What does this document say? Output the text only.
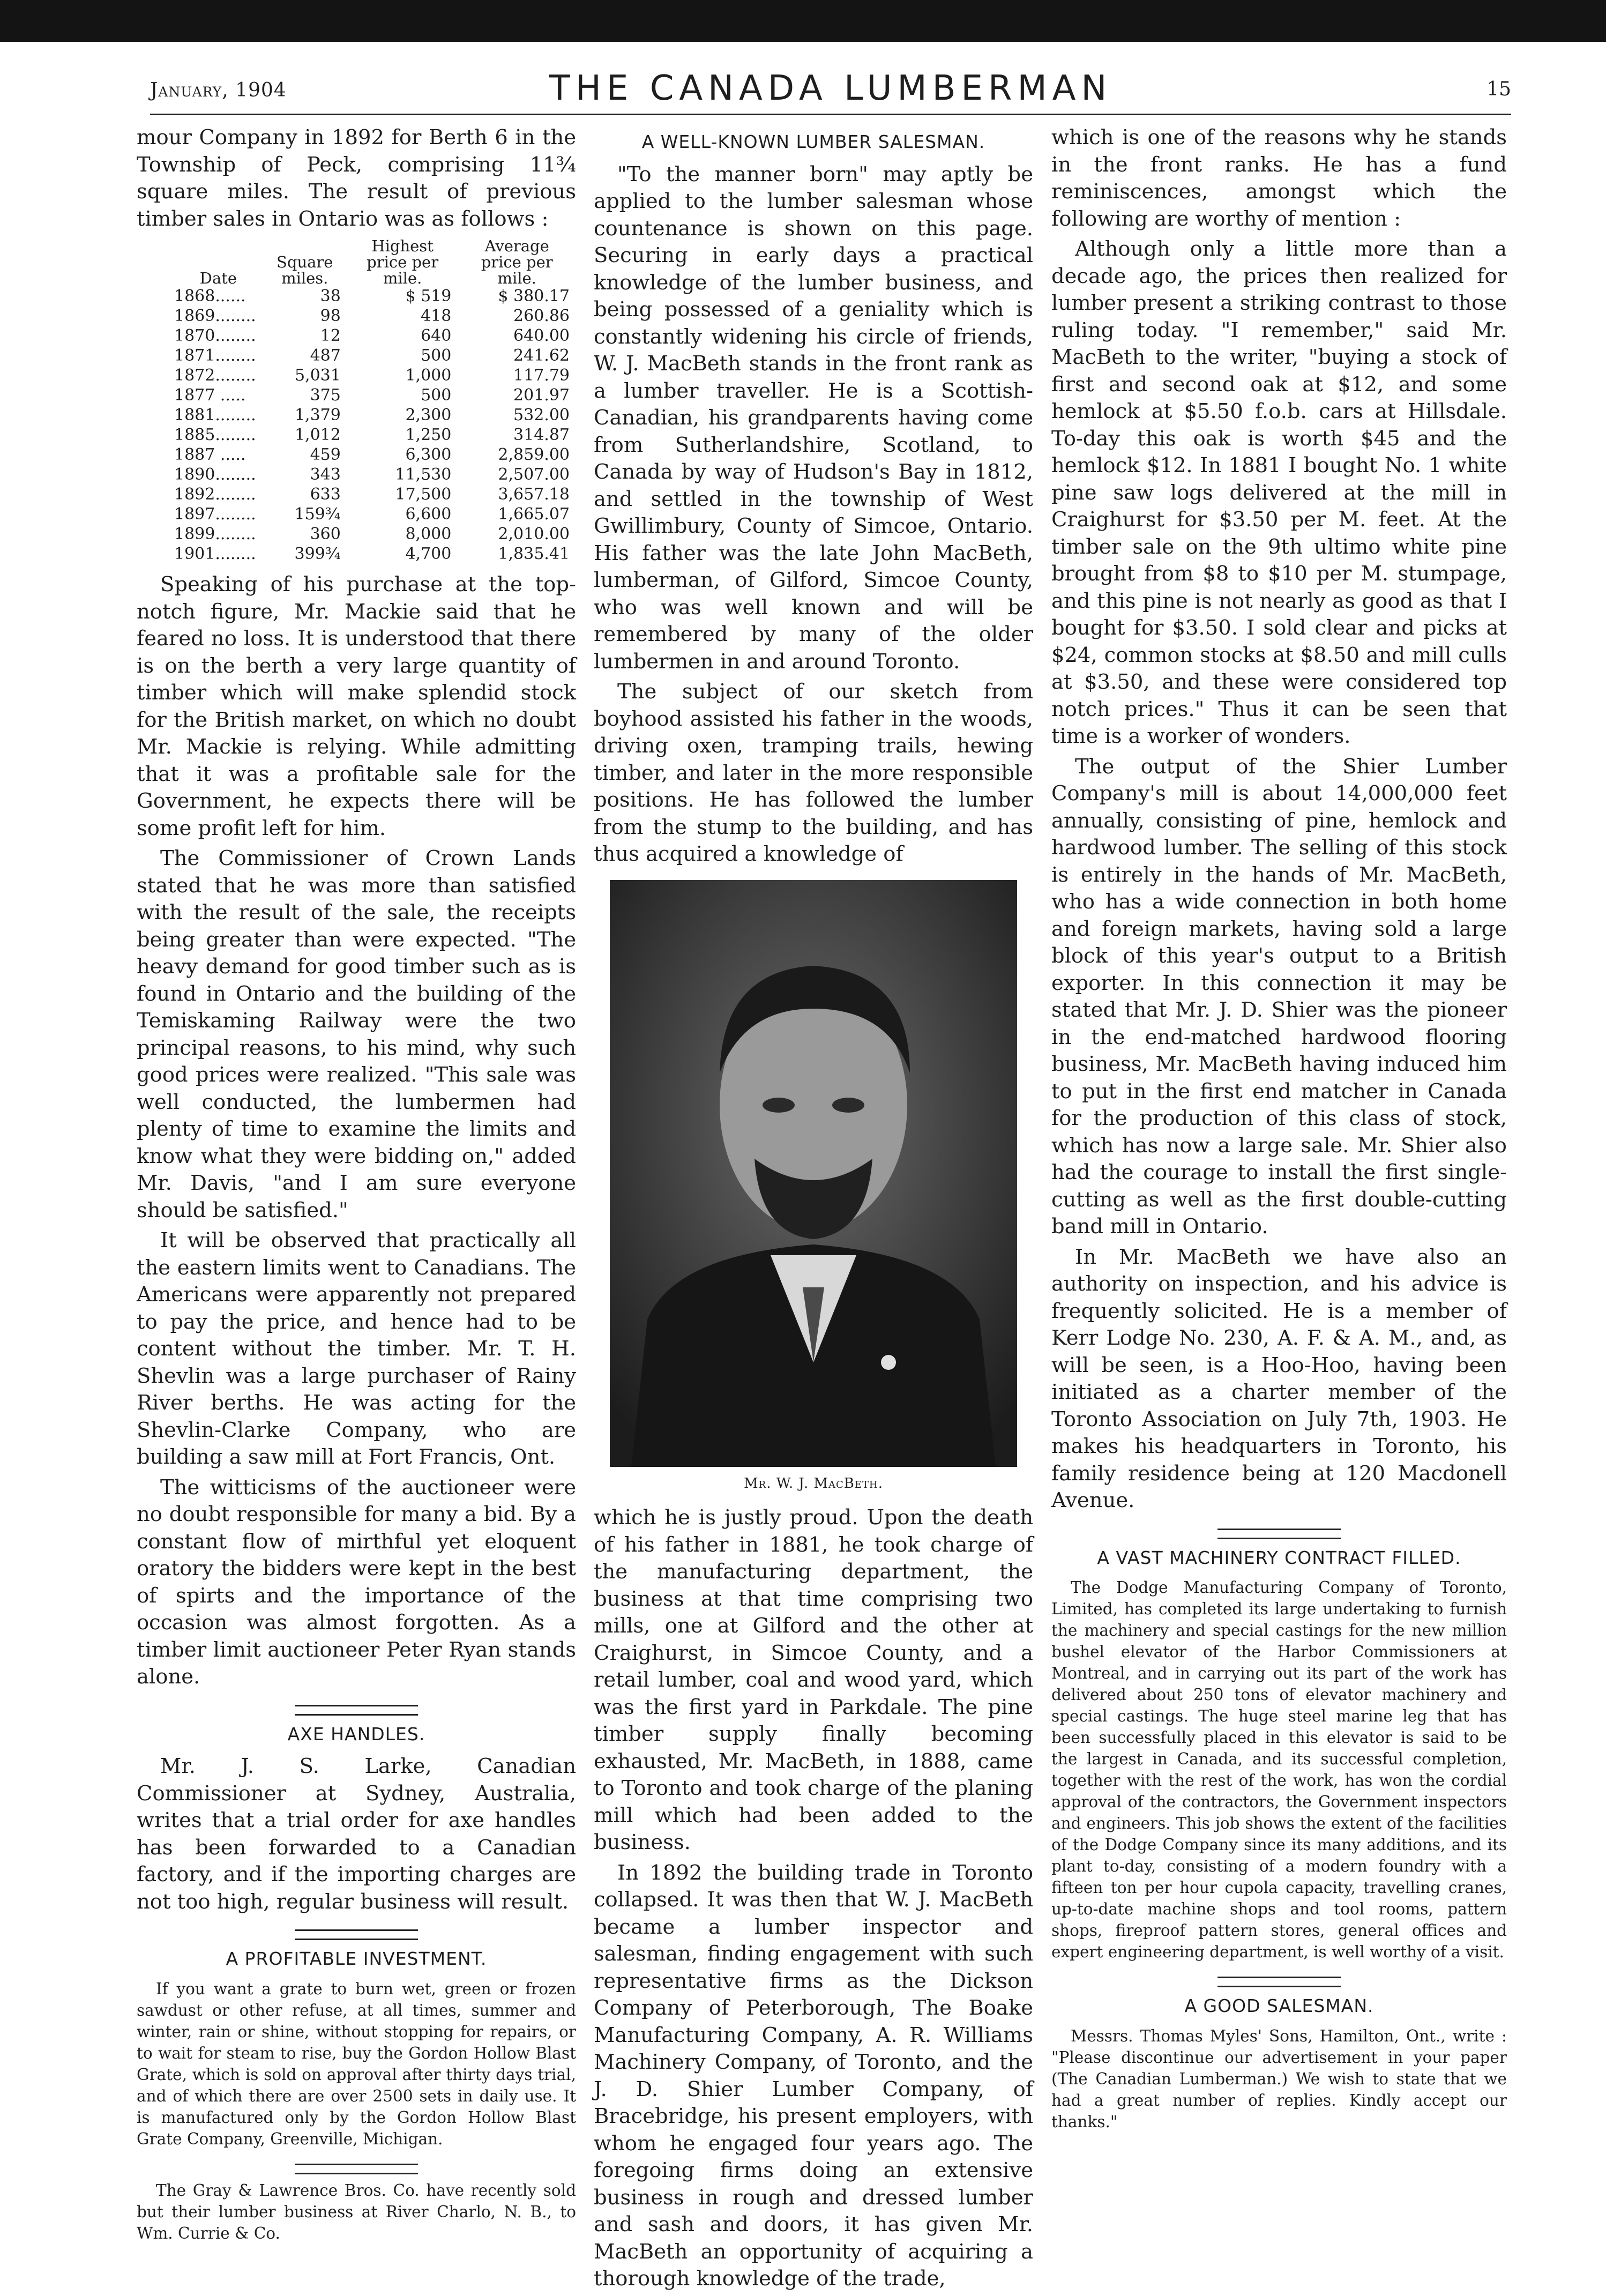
January, 1904	THE CANADA LUMBERMAN	15

mour Company in 1892 for Berth 6 in the Township of Peck, comprising 11¾ square miles. The result of previous timber sales in Ontario was as follows :

Date	Square miles.	Highest price per mile.	Average price per mile.
1868......	38	$ 519	$ 380.17
1869........	98	418	260.86
1870........	12	640	640.00
1871........	487	500	241.62
1872........	5,031	1,000	117.79
1877 .....	375	500	201.97
1881........	1,379	2,300	532.00
1885........	1,012	1,250	314.87
1887 .....	459	6,300	2,859.00
1890........	343	11,530	2,507.00
1892........	633	17,500	3,657.18
1897........	159¾	6,600	1,665.07
1899........	360	8,000	2,010.00
1901........	399¾	4,700	1,835.41

Speaking of his purchase at the top-notch figure, Mr. Mackie said that he feared no loss. It is understood that there is on the berth a very large quantity of timber which will make splendid stock for the British market, on which no doubt Mr. Mackie is relying. While admitting that it was a profitable sale for the Government, he expects there will be some profit left for him.

The Commissioner of Crown Lands stated that he was more than satisfied with the result of the sale, the receipts being greater than were expected. "The heavy demand for good timber such as is found in Ontario and the building of the Temiskaming Railway were the two principal reasons, to his mind, why such good prices were realized. "This sale was well conducted, the lumbermen had plenty of time to examine the limits and know what they were bidding on," added Mr. Davis, "and I am sure everyone should be satisfied."

It will be observed that practically all the eastern limits went to Canadians. The Americans were apparently not prepared to pay the price, and hence had to be content without the timber. Mr. T. H. Shevlin was a large purchaser of Rainy River berths. He was acting for the Shevlin-Clarke Company, who are building a saw mill at Fort Francis, Ont.

The witticisms of the auctioneer were no doubt responsible for many a bid. By a constant flow of mirthful yet eloquent oratory the bidders were kept in the best of spirts and the importance of the occasion was almost forgotten. As a timber limit auctioneer Peter Ryan stands alone.

AXE HANDLES.

Mr. J. S. Larke, Canadian Commissioner at Sydney, Australia, writes that a trial order for axe handles has been forwarded to a Canadian factory, and if the importing charges are not too high, regular business will result.

A PROFITABLE INVESTMENT.

If you want a grate to burn wet, green or frozen sawdust or other refuse, at all times, summer and winter, rain or shine, without stopping for repairs, or to wait for steam to rise, buy the Gordon Hollow Blast Grate, which is sold on approval after thirty days trial, and of which there are over 2500 sets in daily use. It is manufactured only by the Gordon Hollow Blast Grate Company, Greenville, Michigan.

The Gray & Lawrence Bros. Co. have recently sold but their lumber business at River Charlo, N. B., to Wm. Currie & Co.

A WELL-KNOWN LUMBER SALESMAN.

"To the manner born" may aptly be applied to the lumber salesman whose countenance is shown on this page. Securing in early days a practical knowledge of the lumber business, and being possessed of a geniality which is constantly widening his circle of friends, W. J. MacBeth stands in the front rank as a lumber traveller. He is a Scottish-Canadian, his grandparents having come from Sutherlandshire, Scotland, to Canada by way of Hudson's Bay in 1812, and settled in the township of West Gwillimbury, County of Simcoe, Ontario. His father was the late John MacBeth, lumberman, of Gilford, Simcoe County, who was well known and will be remembered by many of the older lumbermen in and around Toronto.

The subject of our sketch from boyhood assisted his father in the woods, driving oxen, tramping trails, hewing timber, and later in the more responsible positions. He has followed the lumber from the stump to the building, and has thus acquired a knowledge of

Mr. W. J. MacBeth.

which he is justly proud. Upon the death of his father in 1881, he took charge of the manufacturing department, the business at that time comprising two mills, one at Gilford and the other at Craighurst, in Simcoe County, and a retail lumber, coal and wood yard, which was the first yard in Parkdale. The pine timber supply finally becoming exhausted, Mr. MacBeth, in 1888, came to Toronto and took charge of the planing mill which had been added to the business.

In 1892 the building trade in Toronto collapsed. It was then that W. J. MacBeth became a lumber inspector and salesman, finding engagement with such representative firms as the Dickson Company of Peterborough, The Boake Manufacturing Company, A. R. Williams Machinery Company, of Toronto, and the J. D. Shier Lumber Company, of Bracebridge, his present employers, with whom he engaged four years ago. The foregoing firms doing an extensive business in rough and dressed lumber and sash and doors, it has given Mr. MacBeth an opportunity of acquiring a thorough knowledge of the trade,

which is one of the reasons why he stands in the front ranks. He has a fund reminiscences, amongst which the following are worthy of mention :

Although only a little more than a decade ago, the prices then realized for lumber present a striking contrast to those ruling today. "I remember," said Mr. MacBeth to the writer, "buying a stock of first and second oak at $12, and some hemlock at $5.50 f.o.b. cars at Hillsdale. To-day this oak is worth $45 and the hemlock $12. In 1881 I bought No. 1 white pine saw logs delivered at the mill in Craighurst for $3.50 per M. feet. At the timber sale on the 9th ultimo white pine brought from $8 to $10 per M. stumpage, and this pine is not nearly as good as that I bought for $3.50. I sold clear and picks at $24, common stocks at $8.50 and mill culls at $3.50, and these were considered top notch prices." Thus it can be seen that time is a worker of wonders.

The output of the Shier Lumber Company's mill is about 14,000,000 feet annually, consisting of pine, hemlock and hardwood lumber. The selling of this stock is entirely in the hands of Mr. MacBeth, who has a wide connection in both home and foreign markets, having sold a large block of this year's output to a British exporter. In this connection it may be stated that Mr. J. D. Shier was the pioneer in the end-matched hardwood flooring business, Mr. MacBeth having induced him to put in the first end matcher in Canada for the production of this class of stock, which has now a large sale. Mr. Shier also had the courage to install the first single-cutting as well as the first double-cutting band mill in Ontario.

In Mr. MacBeth we have also an authority on inspection, and his advice is frequently solicited. He is a member of Kerr Lodge No. 230, A. F. & A. M., and, as will be seen, is a Hoo-Hoo, having been initiated as a charter member of the Toronto Association on July 7th, 1903. He makes his headquarters in Toronto, his family residence being at 120 Macdonell Avenue.

A VAST MACHINERY CONTRACT FILLED.

The Dodge Manufacturing Company of Toronto, Limited, has completed its large undertaking to furnish the machinery and special castings for the new million bushel elevator of the Harbor Commissioners at Montreal, and in carrying out its part of the work has delivered about 250 tons of elevator machinery and special castings. The huge steel marine leg that has been successfully placed in this elevator is said to be the largest in Canada, and its successful completion, together with the rest of the work, has won the cordial approval of the contractors, the Government inspectors and engineers. This job shows the extent of the facilities of the Dodge Company since its many additions, and its plant to-day, consisting of a modern foundry with a fifteen ton per hour cupola capacity, travelling cranes, up-to-date machine shops and tool rooms, pattern shops, fireproof pattern stores, general offices and expert engineering department, is well worthy of a visit.

A GOOD SALESMAN.

Messrs. Thomas Myles' Sons, Hamilton, Ont., write : "Please discontinue our advertisement in your paper (The Canadian Lumberman.) We wish to state that we had a great number of replies. Kindly accept our thanks."
